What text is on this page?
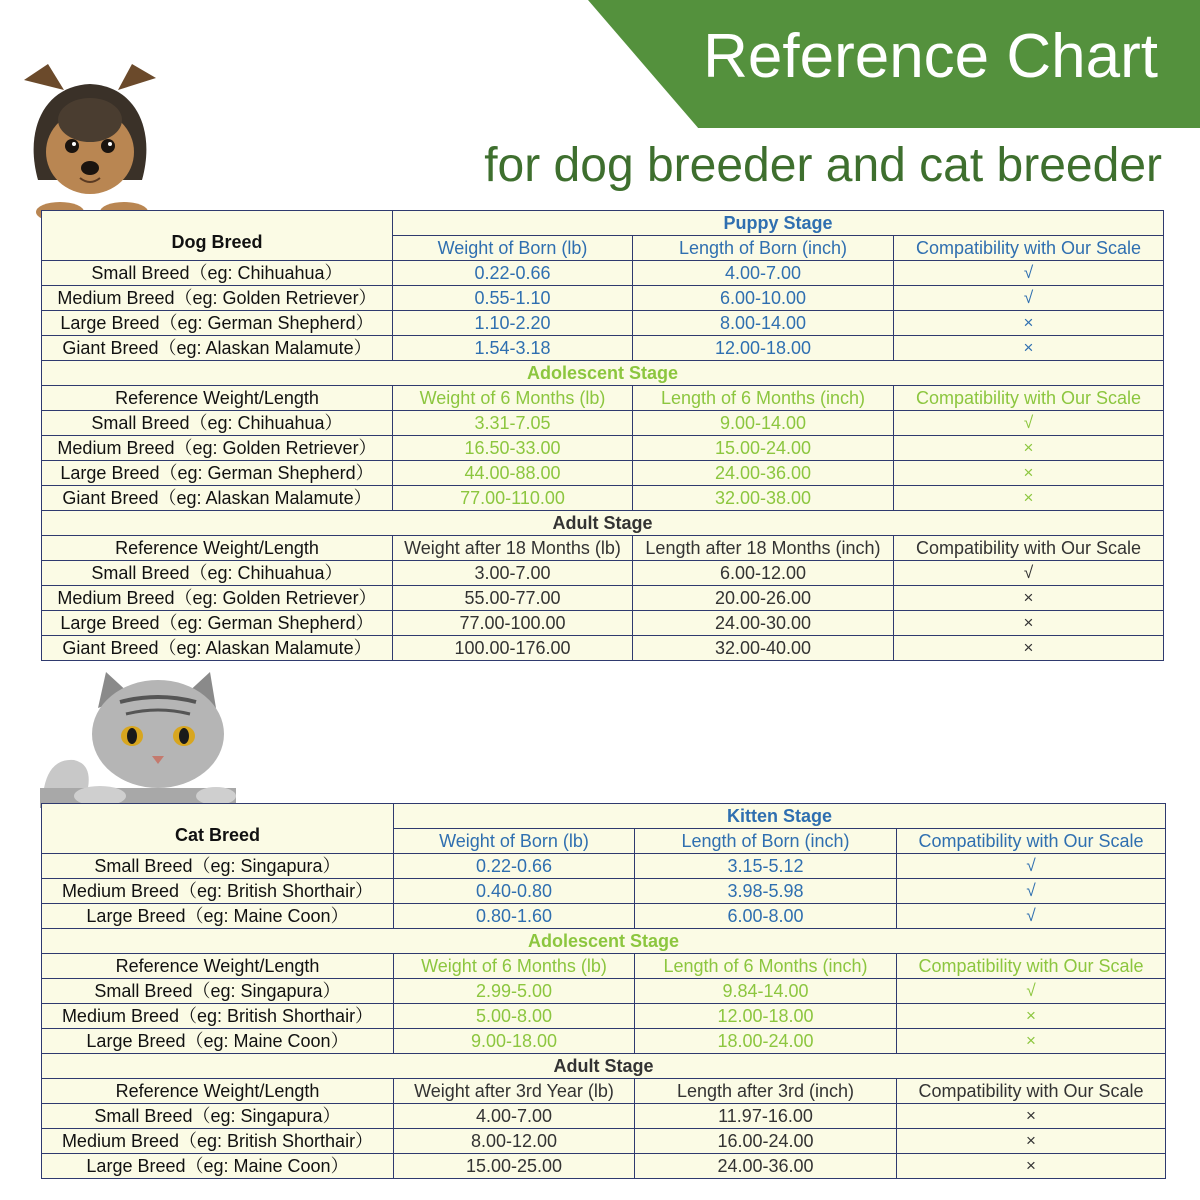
Reference Chart
for dog breeder and cat breeder
Dog Breed	Puppy Stage		
	Weight of Born (lb)	Length of Born (inch)	Compatibility with Our Scale
Small Breed（eg: Chihuahua）	0.22-0.66	4.00-7.00	√
Medium Breed（eg: Golden Retriever）	0.55-1.10	6.00-10.00	√
Large Breed（eg: German Shepherd）	1.10-2.20	8.00-14.00	×
Giant Breed（eg: Alaskan Malamute）	1.54-3.18	12.00-18.00	×
Adolescent Stage			
Reference Weight/Length	Weight of 6 Months (lb)	Length of 6 Months (inch)	Compatibility with Our Scale
Small Breed（eg: Chihuahua）	3.31-7.05	9.00-14.00	√
Medium Breed（eg: Golden Retriever）	16.50-33.00	15.00-24.00	×
Large Breed（eg: German Shepherd）	44.00-88.00	24.00-36.00	×
Giant Breed（eg: Alaskan Malamute）	77.00-110.00	32.00-38.00	×
Adult Stage			
Reference Weight/Length	Weight after 18 Months (lb)	Length after 18 Months (inch)	Compatibility with Our Scale
Small Breed（eg: Chihuahua）	3.00-7.00	6.00-12.00	√
Medium Breed（eg: Golden Retriever）	55.00-77.00	20.00-26.00	×
Large Breed（eg: German Shepherd）	77.00-100.00	24.00-30.00	×
Giant Breed（eg: Alaskan Malamute）	100.00-176.00	32.00-40.00	×
Cat Breed	Kitten Stage		
	Weight of Born (lb)	Length of Born (inch)	Compatibility with Our Scale
Small Breed（eg: Singapura）	0.22-0.66	3.15-5.12	√
Medium Breed（eg: British Shorthair）	0.40-0.80	3.98-5.98	√
Large Breed（eg: Maine Coon）	0.80-1.60	6.00-8.00	√
Adolescent Stage			
Reference Weight/Length	Weight of 6 Months (lb)	Length of 6 Months (inch)	Compatibility with Our Scale
Small Breed（eg: Singapura）	2.99-5.00	9.84-14.00	√
Medium Breed（eg: British Shorthair）	5.00-8.00	12.00-18.00	×
Large Breed（eg: Maine Coon）	9.00-18.00	18.00-24.00	×
Adult Stage			
Reference Weight/Length	Weight after 3rd Year (lb)	Length after 3rd (inch)	Compatibility with Our Scale
Small Breed（eg: Singapura）	4.00-7.00	11.97-16.00	×
Medium Breed（eg: British Shorthair）	8.00-12.00	16.00-24.00	×
Large Breed（eg: Maine Coon）	15.00-25.00	24.00-36.00	×
